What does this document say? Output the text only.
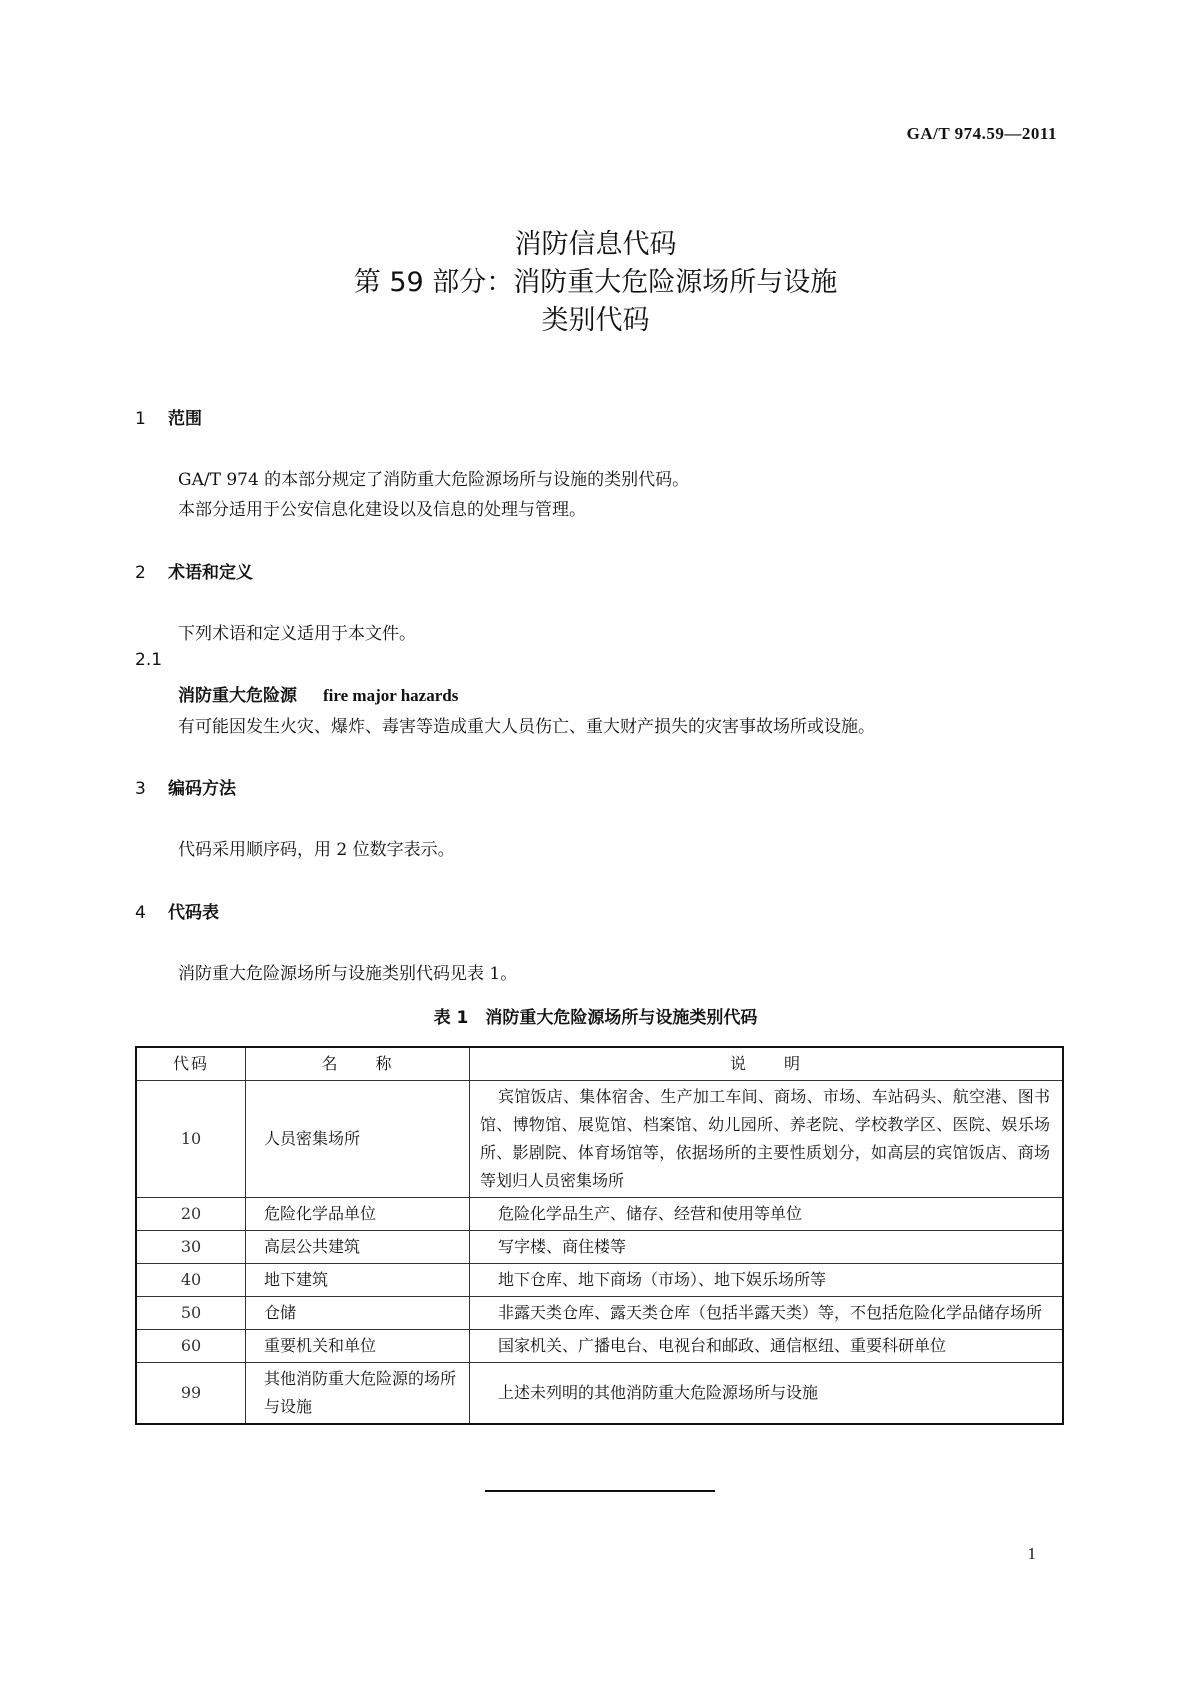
GA/T 974.59—2011
消防信息代码
第 59 部分：消防重大危险源场所与设施
类别代码
1 范围
GA/T 974 的本部分规定了消防重大危险源场所与设施的类别代码。
本部分适用于公安信息化建设以及信息的处理与管理。
2 术语和定义
下列术语和定义适用于本文件。
2.1
消防重大危险源 fire major hazards
有可能因发生火灾、爆炸、毒害等造成重大人员伤亡、重大财产损失的灾害事故场所或设施。
3 编码方法
代码采用顺序码，用 2 位数字表示。
4 代码表
消防重大危险源场所与设施类别代码见表 1。
表 1　消防重大危险源场所与设施类别代码
代码	名　　称	说　　明
10	人员密集场所	宾馆饭店、集体宿舍、生产加工车间、商场、市场、车站码头、航空港、图书馆、博物馆、展览馆、档案馆、幼儿园所、养老院、学校教学区、医院、娱乐场所、影剧院、体育场馆等，依据场所的主要性质划分，如高层的宾馆饭店、商场等划归人员密集场所
20	危险化学品单位	危险化学品生产、储存、经营和使用等单位
30	高层公共建筑	写字楼、商住楼等
40	地下建筑	地下仓库、地下商场（市场）、地下娱乐场所等
50	仓储	非露天类仓库、露天类仓库（包括半露天类）等，不包括危险化学品储存场所
60	重要机关和单位	国家机关、广播电台、电视台和邮政、通信枢纽、重要科研单位
99	其他消防重大危险源的场所与设施	上述未列明的其他消防重大危险源场所与设施
1
